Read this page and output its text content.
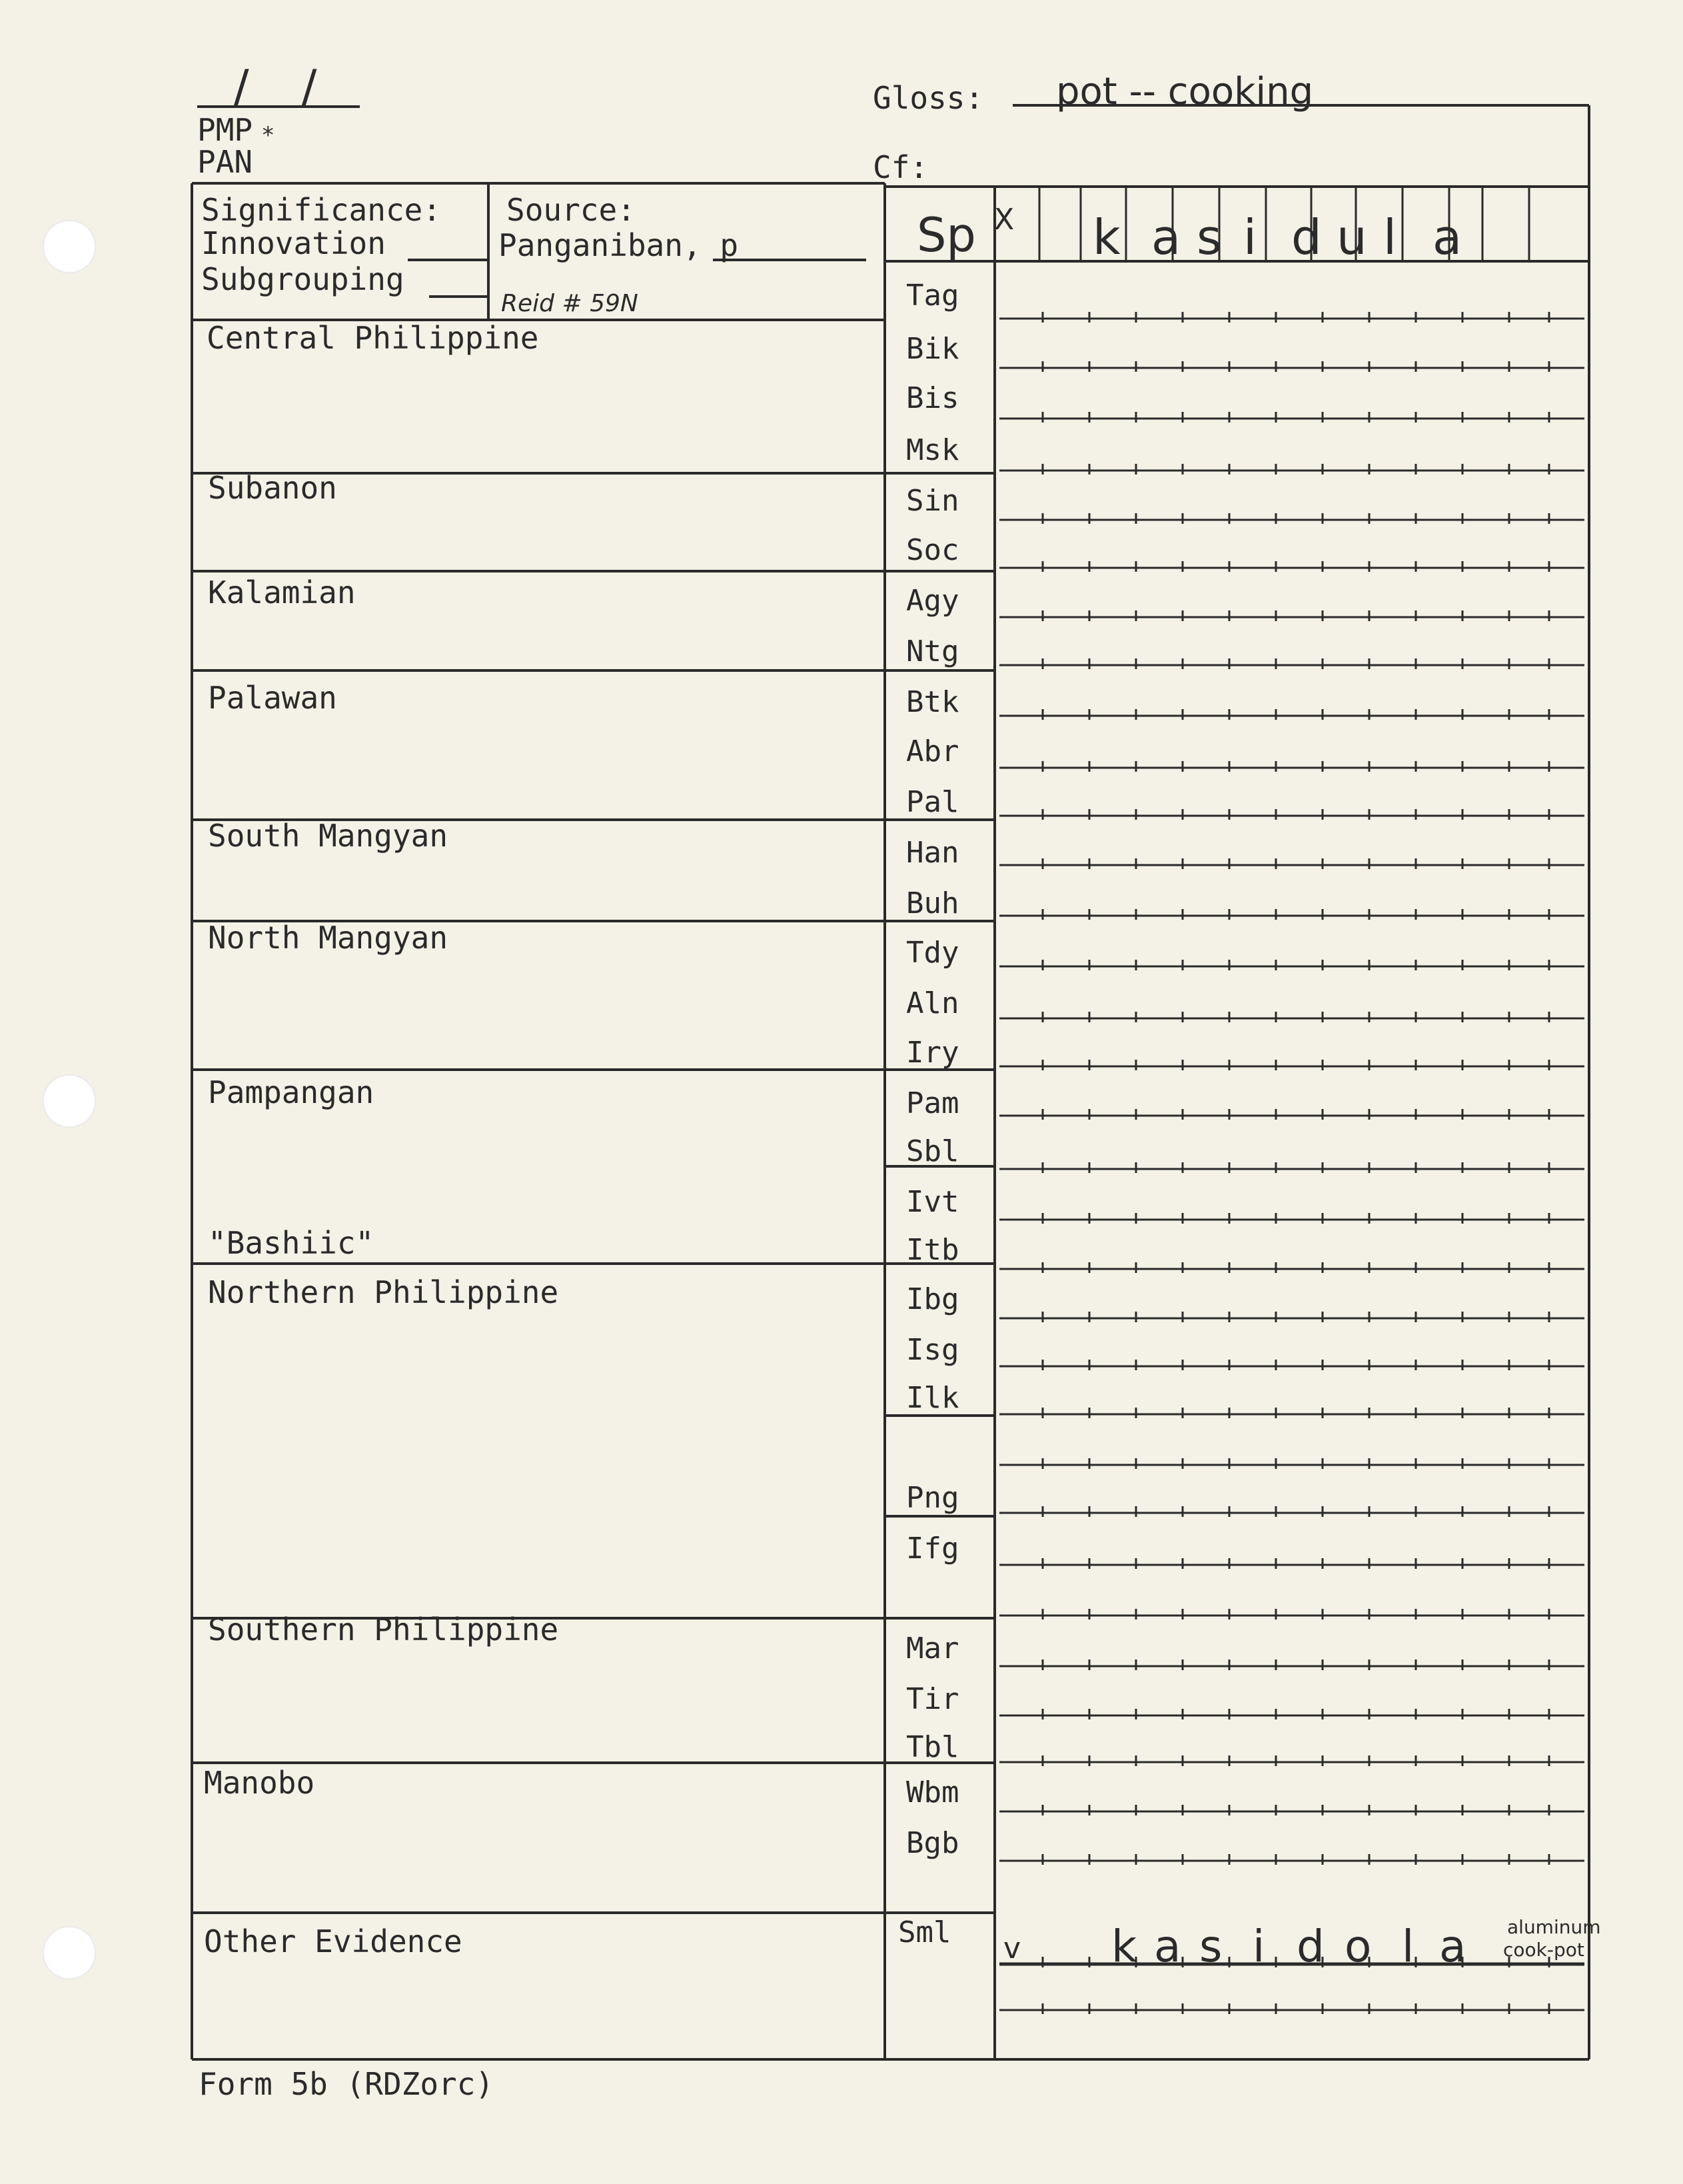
/ /
PMP *
PAN
Gloss: pot -- cooking
Cf:
Significance:
Innovation
Subgrouping
Source:
Panganiban, p
Reid # 59N
Sp X k a s i d u l a
Central Philippine
Subanon
Kalamian
Palawan
South Mangyan
North Mangyan
Pampangan
"Bashiic"
Northern Philippine
Southern Philippine
Manobo
Other Evidence
Tag
Bik
Bis
Msk
Sin
Soc
Agy
Ntg
Btk
Abr
Pal
Han
Buh
Tdy
Aln
Iry
Pam
Sbl
Ivt
Itb
Ibg
Isg
Ilk
Png
Ifg
Mar
Tir
Tbl
Wbm
Bgb
Sml v k a s i d o l a aluminum
cook-pot
Form 5b (RDZorc)
